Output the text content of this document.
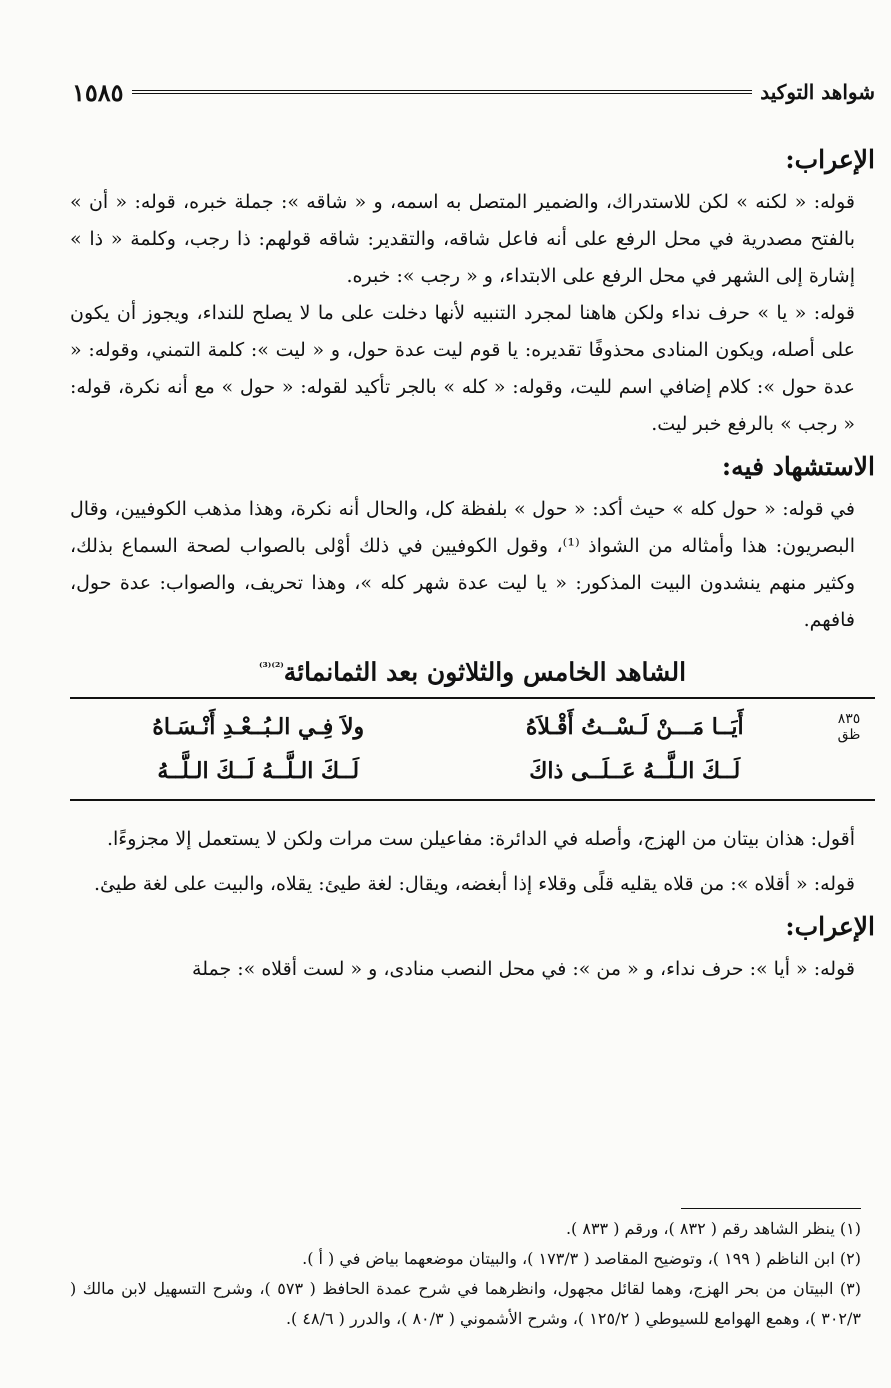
شواهد التوكيد
١٥٨٥
الإعراب:

قوله: « لكنه » لكن للاستدراك، والضمير المتصل به اسمه، و « شاقه »: جملة خبره، قوله: « أن » بالفتح مصدرية في محل الرفع على أنه فاعل شاقه، والتقدير: شاقه قولهم: ذا رجب، وكلمة « ذا » إشارة إلى الشهر في محل الرفع على الابتداء، و « رجب »: خبره.

قوله: « يا » حرف نداء ولكن هاهنا لمجرد التنبيه لأنها دخلت على ما لا يصلح للنداء، ويجوز أن يكون على أصله، ويكون المنادى محذوفًا تقديره: يا قوم ليت عدة حول، و « ليت »: كلمة التمني، وقوله: « عدة حول »: كلام إضافي اسم لليت، وقوله: « كله » بالجر تأكيد لقوله: « حول » مع أنه نكرة، قوله: « رجب » بالرفع خبر ليت.

الاستشهاد فيه:

في قوله: « حول كله » حيث أكد: « حول » بلفظة كل، والحال أنه نكرة، وهذا مذهب الكوفيين، وقال البصريون: هذا وأمثاله من الشواذ ⁽¹⁾، وقول الكوفيين في ذلك أوْلى بالصواب لصحة السماع بذلك، وكثير منهم ينشدون البيت المذكور: « يا ليت عدة شهر كله »، وهذا تحريف، والصواب: عدة حول، فافهم.

الشاهد الخامس والثلاثون بعد الثمانمائة$^{^{(2)(3)}}$
٨٣٥
ظق
أَيَــا مَـــنْ لَـسْــتُ أَقْـلاَهُ
ولاَ فِـي الـبُــعْـدِ أَنْـسَـاهُ
لَــكَ الـلَّــهُ عَــلَــى ذاكَ
لَــكَ الـلَّــهُ لَــكَ الـلَّــهُ

أقول: هذان بيتان من الهزج، وأصله في الدائرة: مفاعيلن ست مرات ولكن لا يستعمل إلا مجزوءًا.

قوله: « أقلاه »: من قلاه يقليه قلًى وقلاء إذا أبغضه، ويقال: لغة طيئ: يقلاه، والبيت على لغة طيئ.

الإعراب:

قوله: « أيا »: حرف نداء، و « من »: في محل النصب منادى، و « لست أقلاه »: جملة

(١) ينظر الشاهد رقم ( ٨٣٢ )، ورقم ( ٨٣٣ ).

(٢) ابن الناظم ( ١٩٩ )، وتوضيح المقاصد ( ١٧٣/٣ )، والبيتان موضعهما بياض في ( أ ).

(٣) البيتان من بحر الهزج، وهما لقائل مجهول، وانظرهما في شرح عمدة الحافظ ( ٥٧٣ )، وشرح التسهيل لابن مالك ( ٣٠٢/٣ )، وهمع الهوامع للسيوطي ( ١٢٥/٢ )، وشرح الأشموني ( ٨٠/٣ )، والدرر ( ٤٨/٦ ).
